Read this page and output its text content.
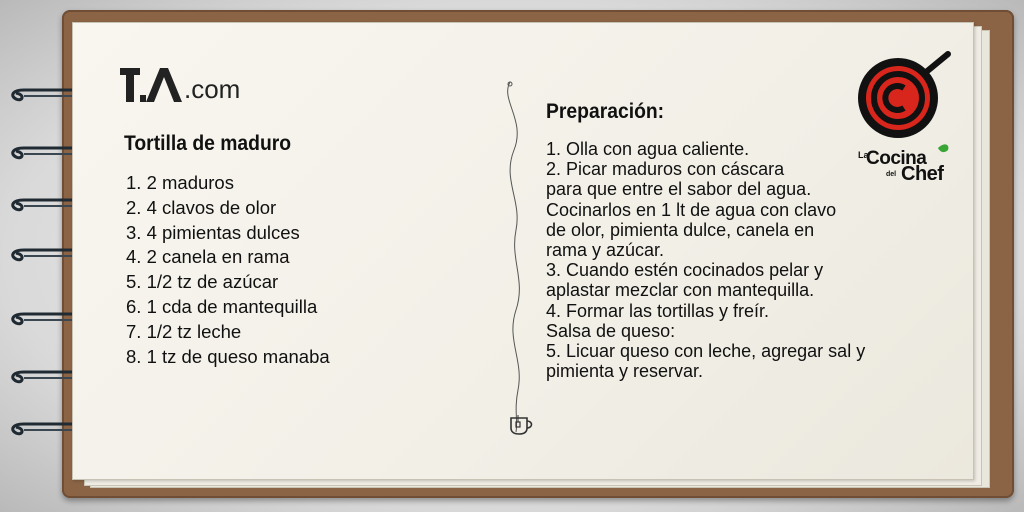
.com
Tortilla de maduro
1. 2 maduros
2. 4 clavos de olor
3. 4 pimientas dulces
4. 2 canela en rama
5. 1/2 tz de azúcar
6. 1 cda de mantequilla
7. 1/2 tz leche
8. 1 tz de queso manaba
Preparación:
1. Olla con agua caliente.
2. Picar maduros con cáscara
para que entre el sabor del agua.
Cocinarlos en 1 lt de agua con clavo
de olor, pimienta dulce, canela en
rama y azúcar.
3. Cuando estén cocinados pelar y
aplastar mezclar con mantequilla.
4. Formar las tortillas y freír.
Salsa de queso:
5. Licuar queso con leche, agregar sal y
pimienta y reservar.
La
Cocina
del Chef
